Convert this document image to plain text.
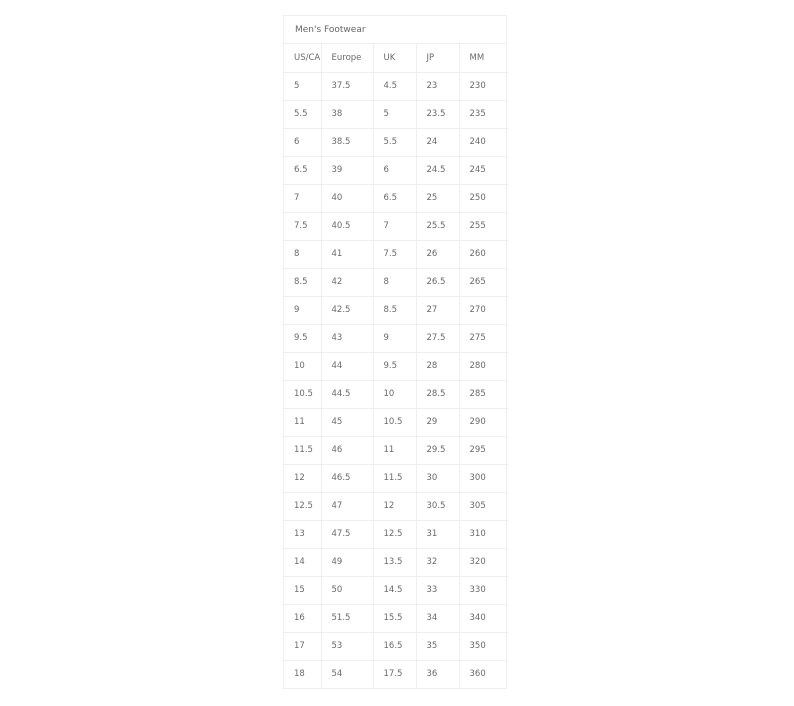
Men's Footwear
US/CA	Europe	UK	JP	MM
5	37.5	4.5	23	230
5.5	38	5	23.5	235
6	38.5	5.5	24	240
6.5	39	6	24.5	245
7	40	6.5	25	250
7.5	40.5	7	25.5	255
8	41	7.5	26	260
8.5	42	8	26.5	265
9	42.5	8.5	27	270
9.5	43	9	27.5	275
10	44	9.5	28	280
10.5	44.5	10	28.5	285
11	45	10.5	29	290
11.5	46	11	29.5	295
12	46.5	11.5	30	300
12.5	47	12	30.5	305
13	47.5	12.5	31	310
14	49	13.5	32	320
15	50	14.5	33	330
16	51.5	15.5	34	340
17	53	16.5	35	350
18	54	17.5	36	360
